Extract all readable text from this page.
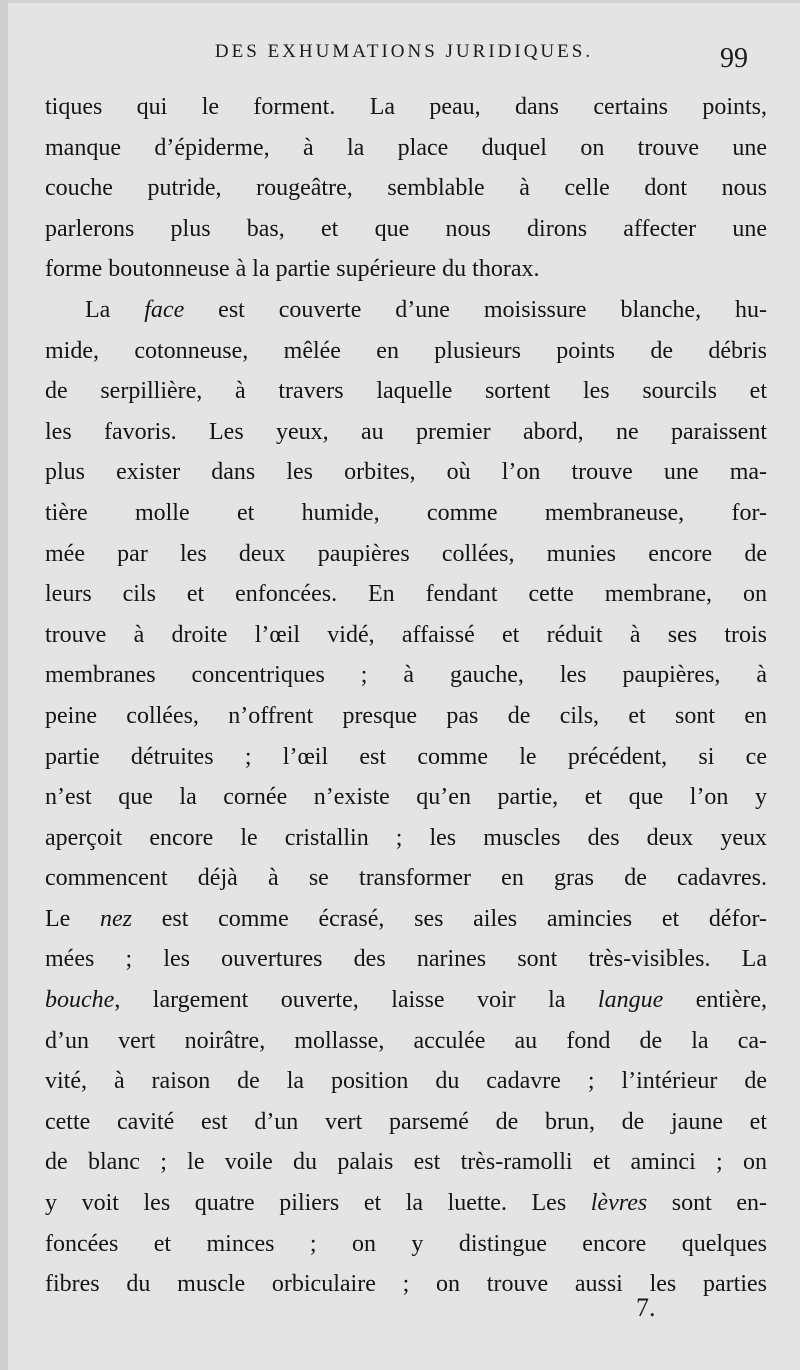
DES EXHUMATIONS JURIDIQUES.	99
tiques qui le forment. La peau, dans certains points,
manque d’épiderme, à la place duquel on trouve une
couche putride, rougeâtre, semblable à celle dont nous
parlerons plus bas, et que nous dirons affecter une
forme boutonneuse à la partie supérieure du thorax.
La face est couverte d’une moisissure blanche, hu-
mide, cotonneuse, mêlée en plusieurs points de débris
de serpillière, à travers laquelle sortent les sourcils et
les favoris. Les yeux, au premier abord, ne paraissent
plus exister dans les orbites, où l’on trouve une ma-
tière molle et humide, comme membraneuse, for-
mée par les deux paupières collées, munies encore de
leurs cils et enfoncées. En fendant cette membrane, on
trouve à droite l’œil vidé, affaissé et réduit à ses trois
membranes concentriques ; à gauche, les paupières, à
peine collées, n’offrent presque pas de cils, et sont en
partie détruites ; l’œil est comme le précédent, si ce
n’est que la cornée n’existe qu’en partie, et que l’on y
aperçoit encore le cristallin ; les muscles des deux yeux
commencent déjà à se transformer en gras de cadavres.
Le nez est comme écrasé, ses ailes amincies et défor-
mées ; les ouvertures des narines sont très-visibles. La
bouche, largement ouverte, laisse voir la langue entière,
d’un vert noirâtre, mollasse, acculée au fond de la ca-
vité, à raison de la position du cadavre ; l’intérieur de
cette cavité est d’un vert parsemé de brun, de jaune et
de blanc ; le voile du palais est très-ramolli et aminci ; on
y voit les quatre piliers et la luette. Les lèvres sont en-
foncées et minces ; on y distingue encore quelques
fibres du muscle orbiculaire ; on trouve aussi les parties
7.
